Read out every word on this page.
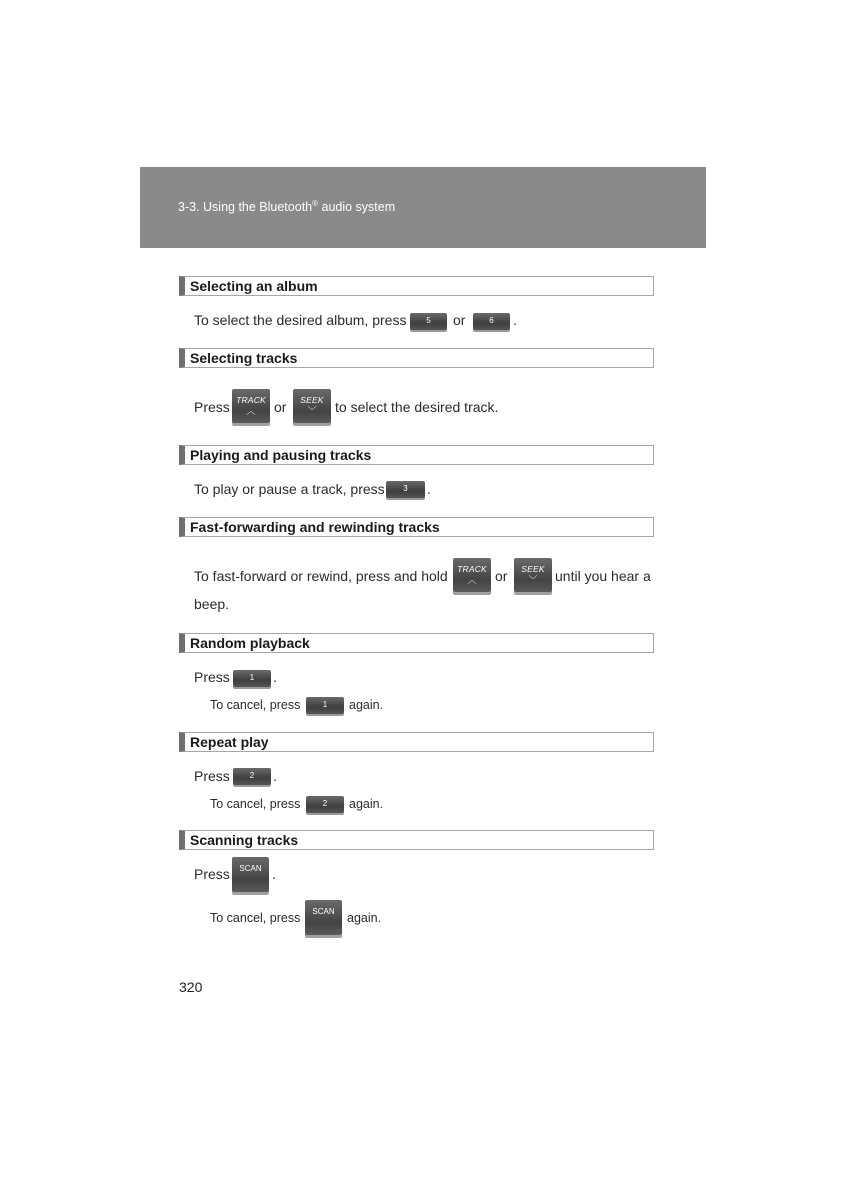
3-3. Using the Bluetooth® audio system
Selecting an album
To select the desired album, press	5	or	6	.
Selecting tracks
Press TRACK
︿	or	SEEK
﹀	to select the desired track.
Playing and pausing tracks
To play or pause a track, press	3	.
Fast-forwarding and rewinding tracks
To fast-forward or rewind, press and hold	TRACK
︿	or	SEEK
﹀	until you hear a
beep.
Random playback
Press	1	.
To cancel, press	1	again.
Repeat play
Press	2	.
To cancel, press	2	again.
Scanning tracks
Press	SCAN .
To cancel, press	SCAN again.
320
